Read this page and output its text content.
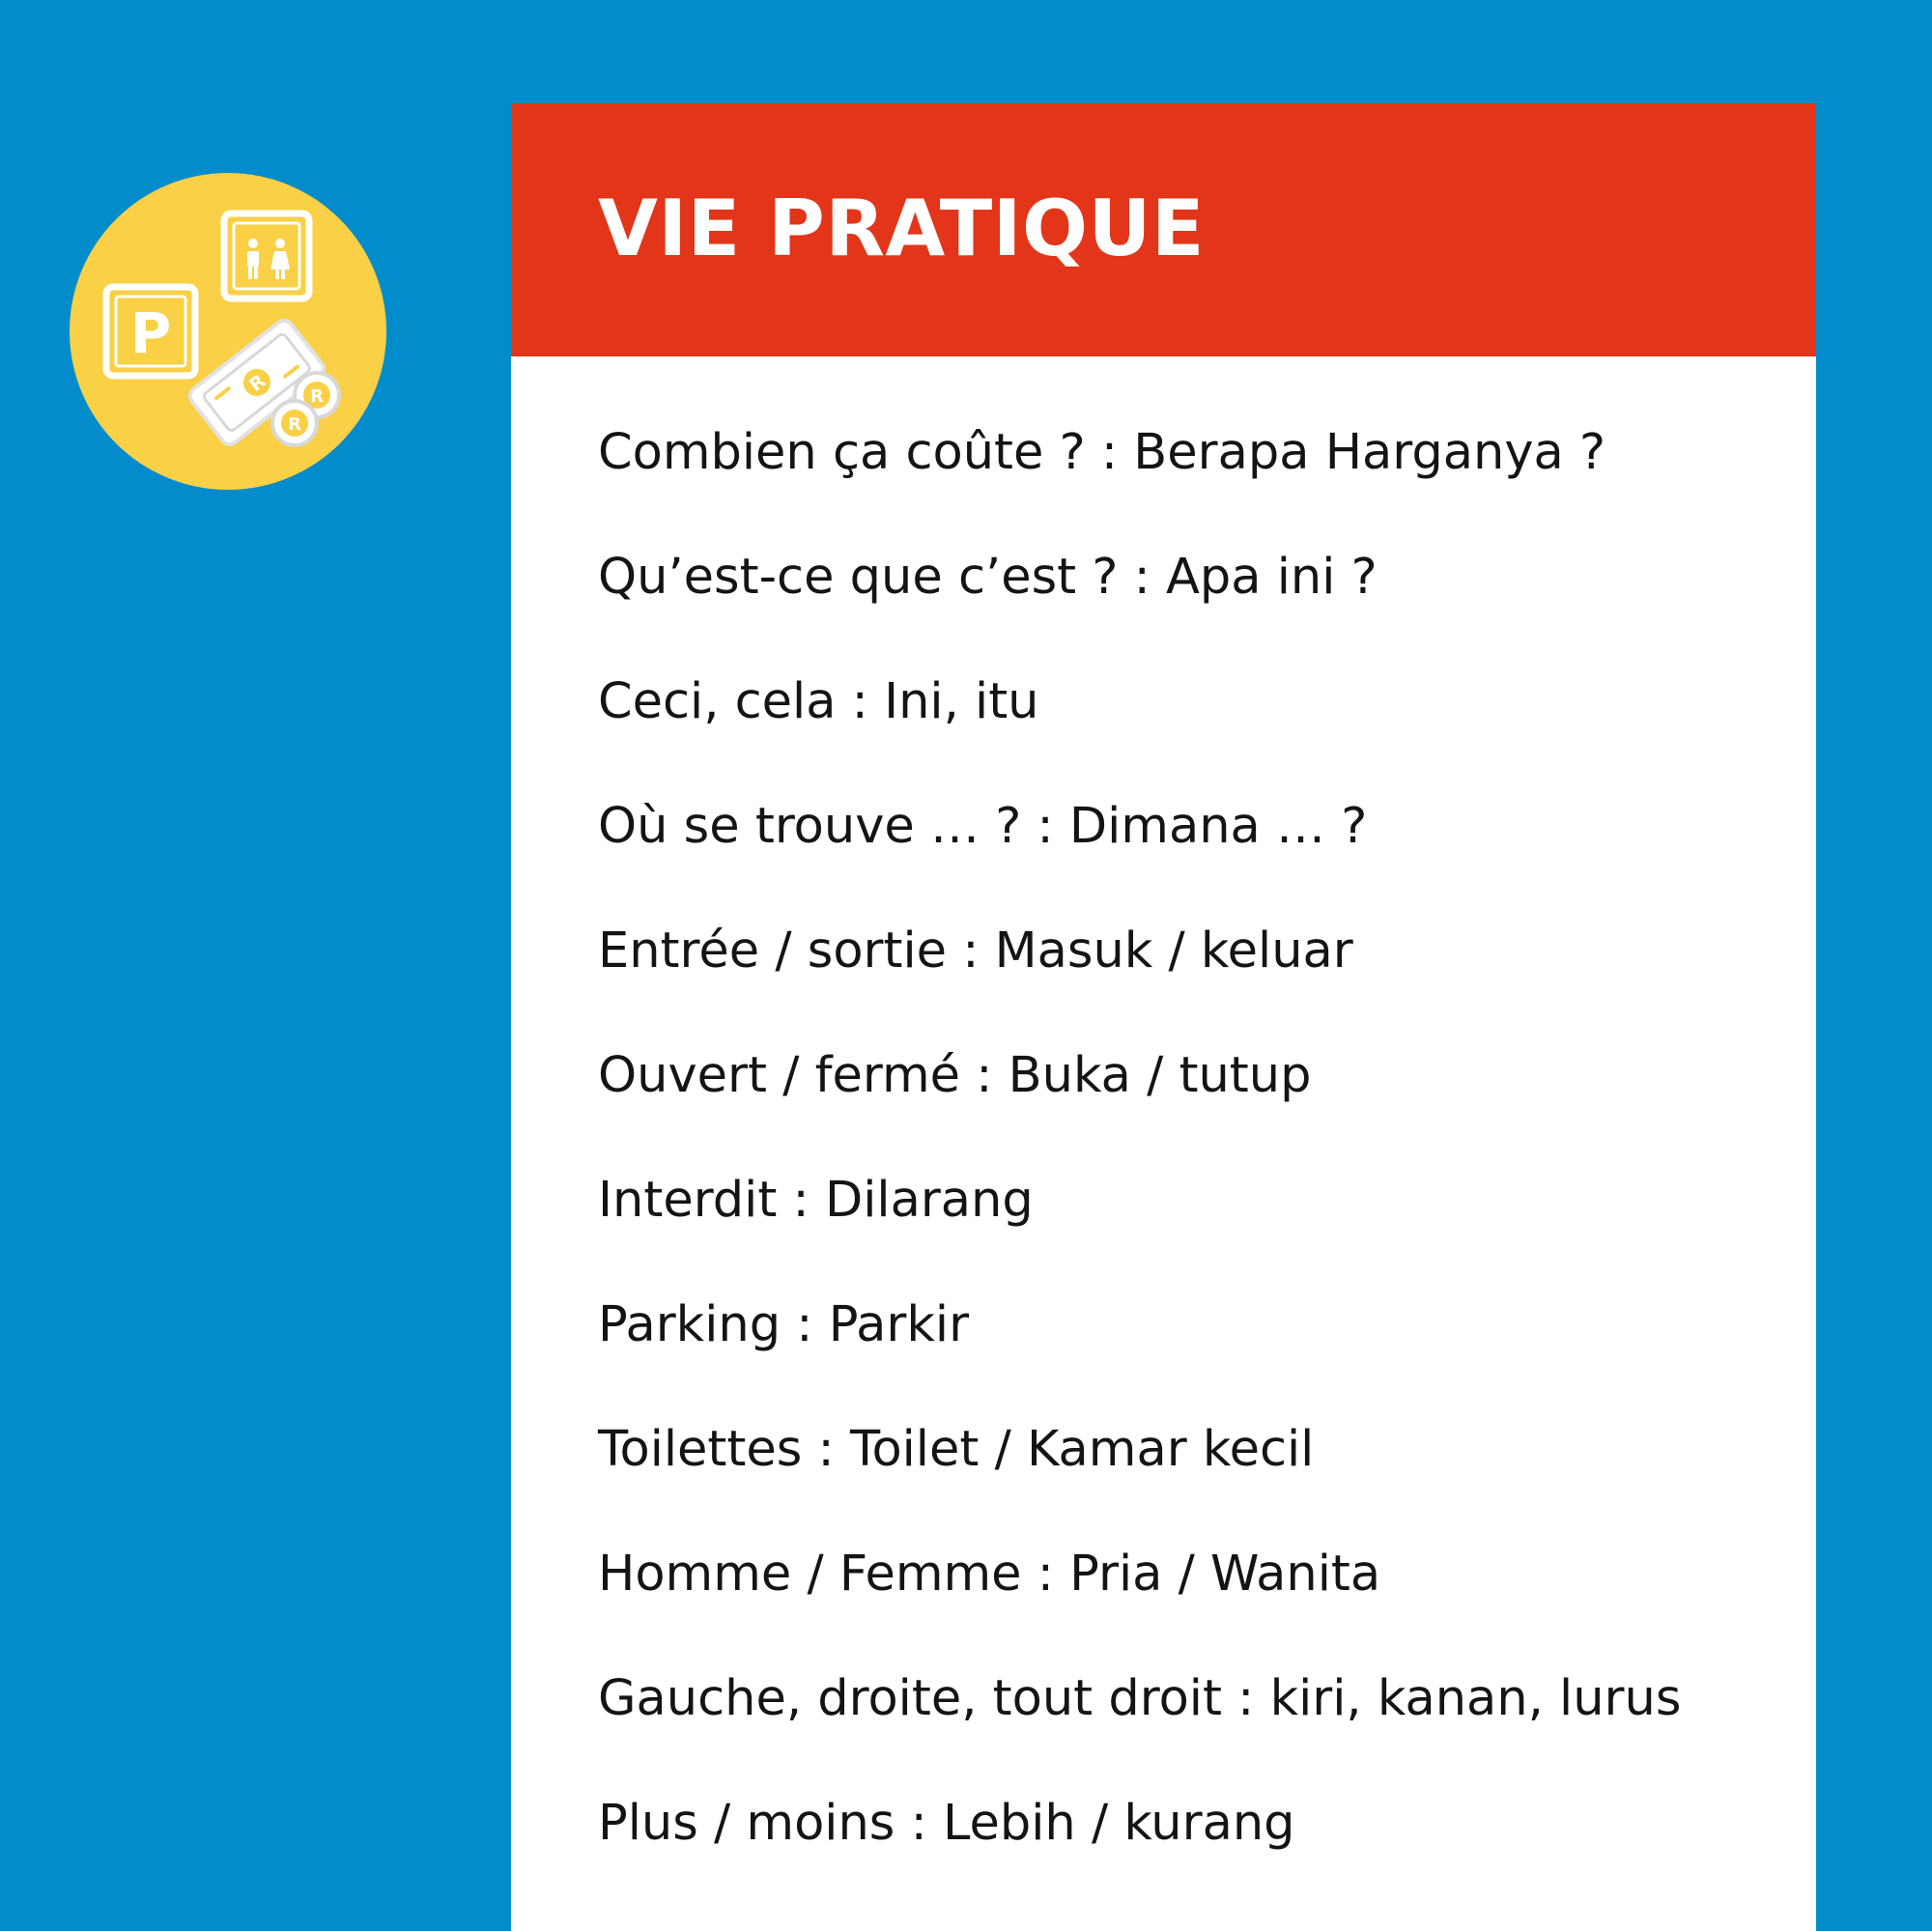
P
R
R
R
VIE PRATIQUE
Combien ça coûte ? : Berapa Harganya ?
Qu’est-ce que c’est ? : Apa ini ?
Ceci, cela : Ini, itu
Où se trouve … ? : Dimana … ?
Entrée / sortie : Masuk / keluar
Ouvert / fermé : Buka / tutup
Interdit : Dilarang
Parking : Parkir
Toilettes : Toilet / Kamar kecil
Homme / Femme : Pria / Wanita
Gauche, droite, tout droit : kiri, kanan, lurus
Plus / moins : Lebih / kurang
